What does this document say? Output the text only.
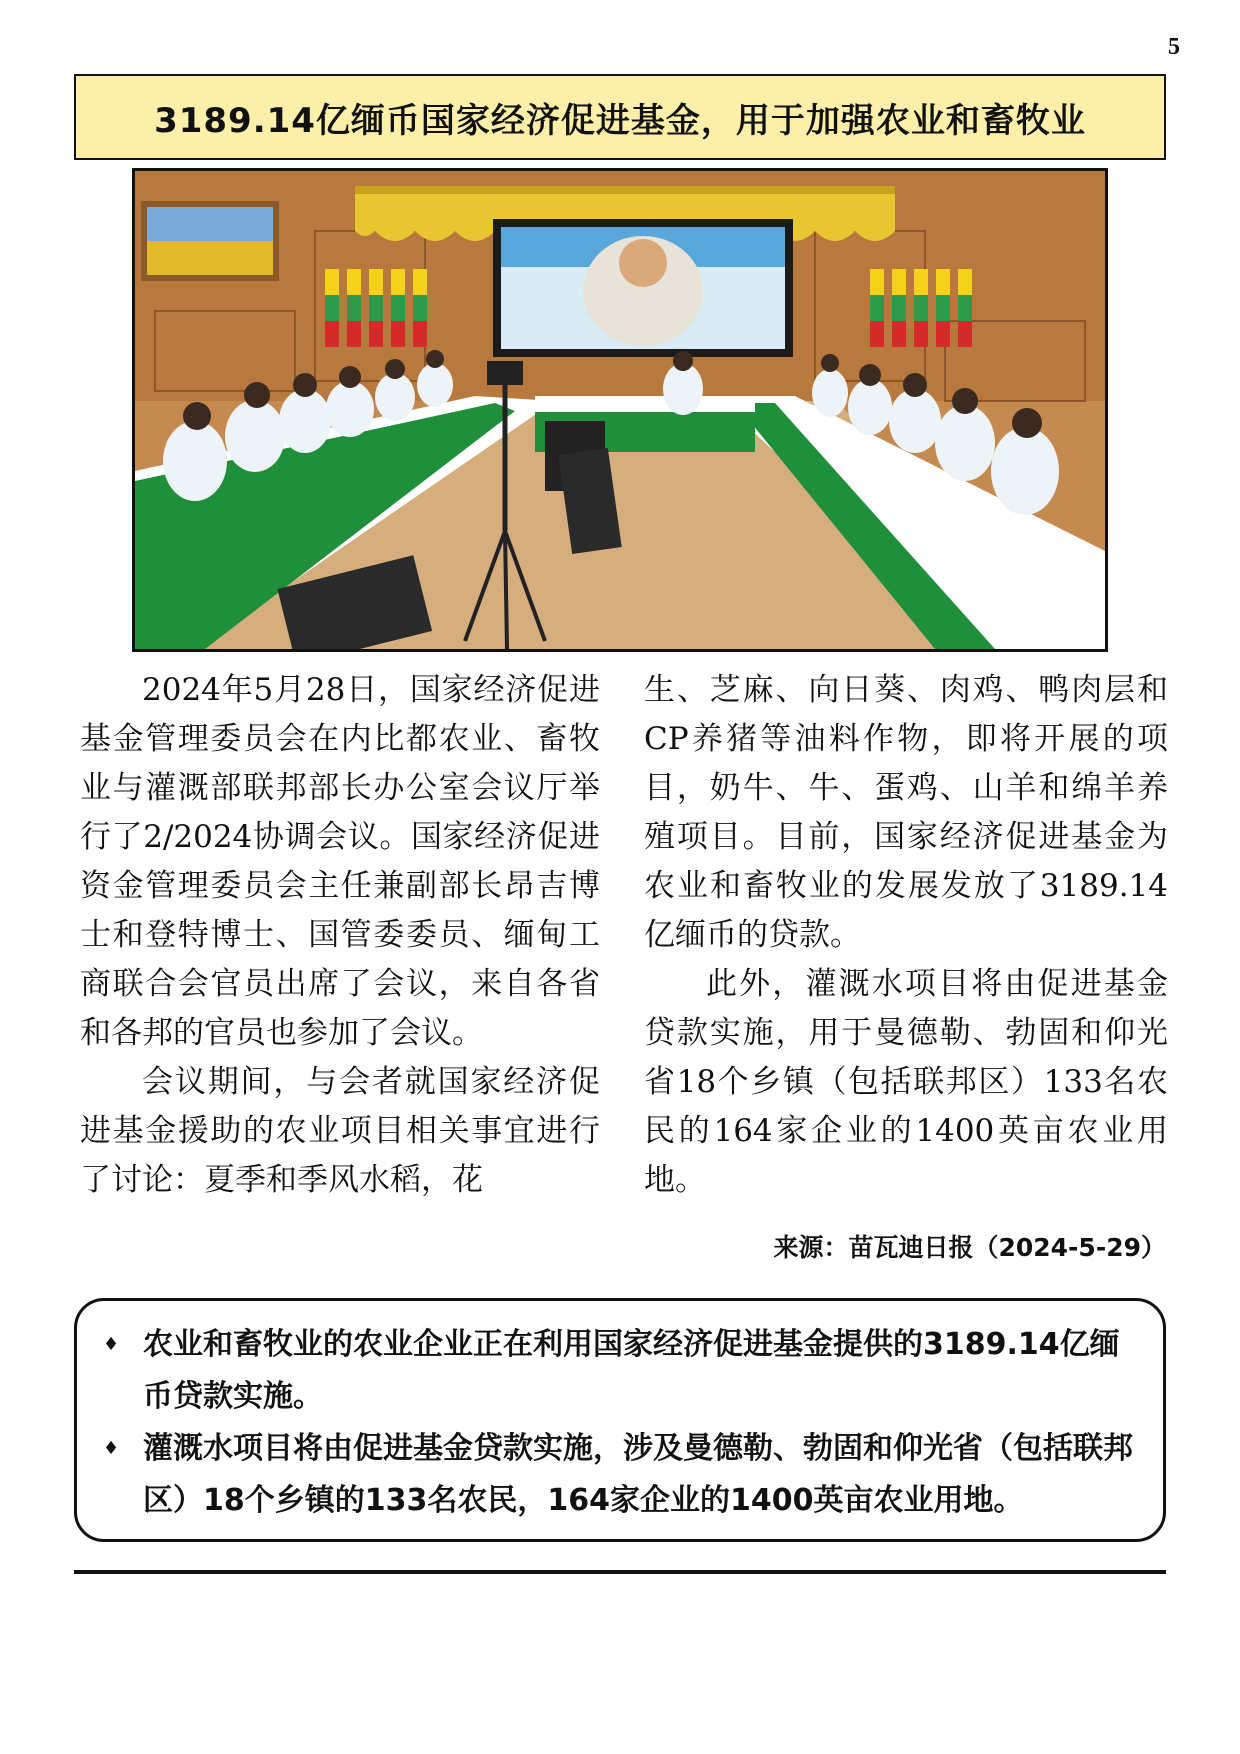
5
3189.14亿缅币国家经济促进基金，用于加强农业和畜牧业

2024年5月28日，国家经济促进基金管理委员会在内比都农业、畜牧业与灌溉部联邦部长办公室会议厅举行了2/2024协调会议。国家经济促进资金管理委员会主任兼副部长昂吉博士和登特博士、国管委委员、缅甸工商联合会官员出席了会议，来自各省和各邦的官员也参加了会议。

会议期间，与会者就国家经济促进基金援助的农业项目相关事宜进行了讨论：夏季和季风水稻，花

生、芝麻、向日葵、肉鸡、鸭肉层和CP养猪等油料作物，即将开展的项目，奶牛、牛、蛋鸡、山羊和绵羊养殖项目。目前，国家经济促进基金为农业和畜牧业的发展发放了3189.14亿缅币的贷款。

此外，灌溉水项目将由促进基金贷款实施，用于曼德勒、勃固和仰光省18个乡镇（包括联邦区）133名农民的164家企业的1400英亩农业用地。

来源：苗瓦迪日报（2024-5-29）
♦ 农业和畜牧业的农业企业正在利用国家经济促进基金提供的3189.14亿缅币贷款实施。
♦ 灌溉水项目将由促进基金贷款实施，涉及曼德勒、勃固和仰光省（包括联邦区）18个乡镇的133名农民，164家企业的1400英亩农业用地。
